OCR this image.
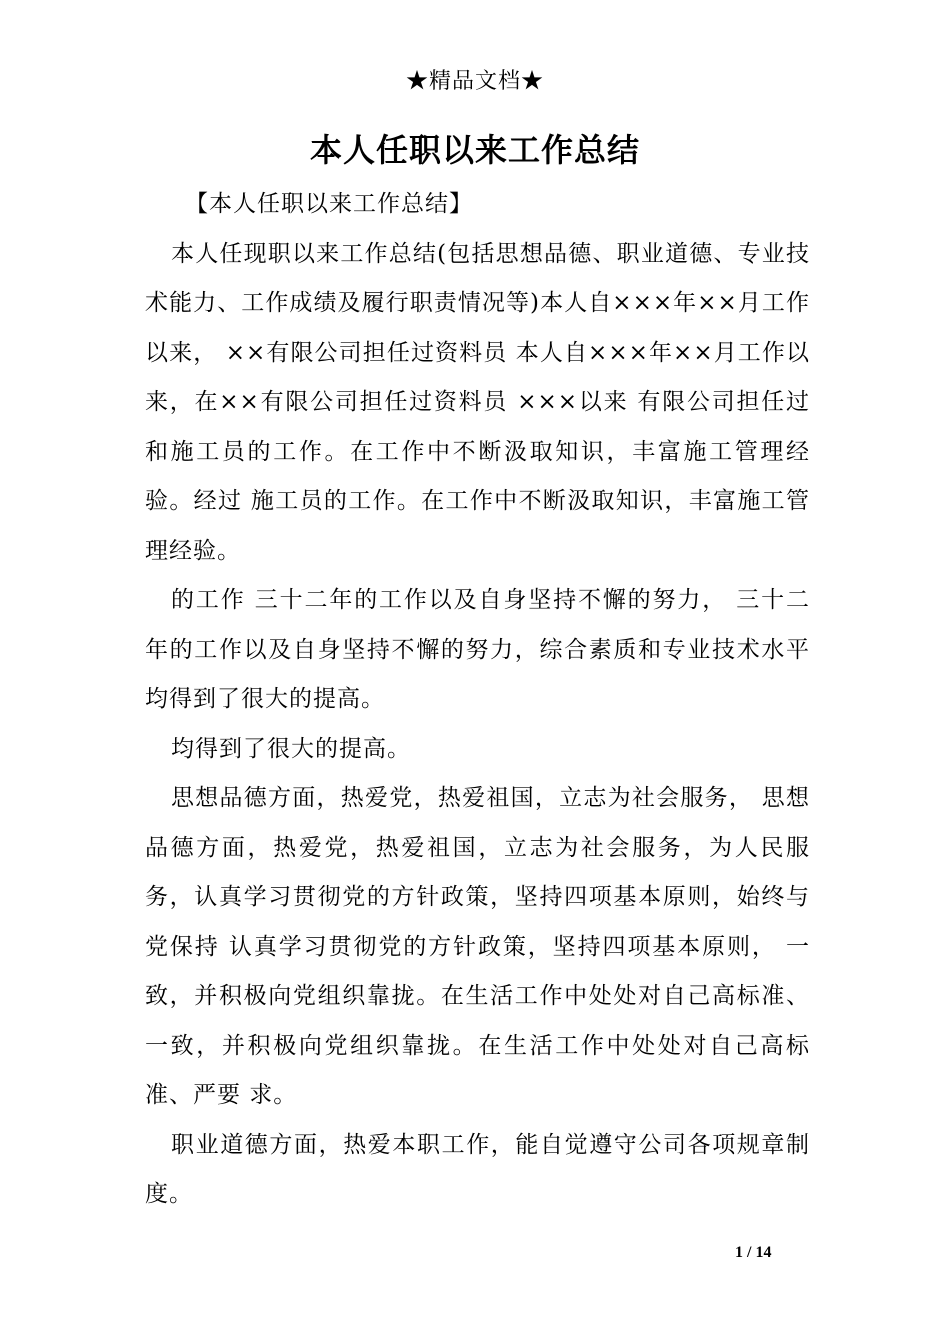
★精品文档★
本人任职以来工作总结

【本人任职以来工作总结】

本人任现职以来工作总结(包括思想品德、职业道德、专业技术能力、工作成绩及履行职责情况等)本人自×××年××月工作以来， ××有限公司担任过资料员 本人自×××年××月工作以来，在××有限公司担任过资料员 ×××以来 有限公司担任过 和施工员的工作。在工作中不断汲取知识，丰富施工管理经验。经过 施工员的工作。在工作中不断汲取知识，丰富施工管理经验。

的工作 三十二年的工作以及自身坚持不懈的努力， 三十二年的工作以及自身坚持不懈的努力，综合素质和专业技术水平 均得到了很大的提高。

均得到了很大的提高。

思想品德方面，热爱党，热爱祖国，立志为社会服务， 思想品德方面，热爱党，热爱祖国，立志为社会服务，为人民服 务，认真学习贯彻党的方针政策，坚持四项基本原则，始终与党保持 认真学习贯彻党的方针政策，坚持四项基本原则， 一致，并积极向党组织靠拢。在生活工作中处处对自己高标准、一致，并积极向党组织靠拢。在生活工作中处处对自己高标准、严要 求。

职业道德方面，热爱本职工作，能自觉遵守公司各项规章制度。

1 / 14
